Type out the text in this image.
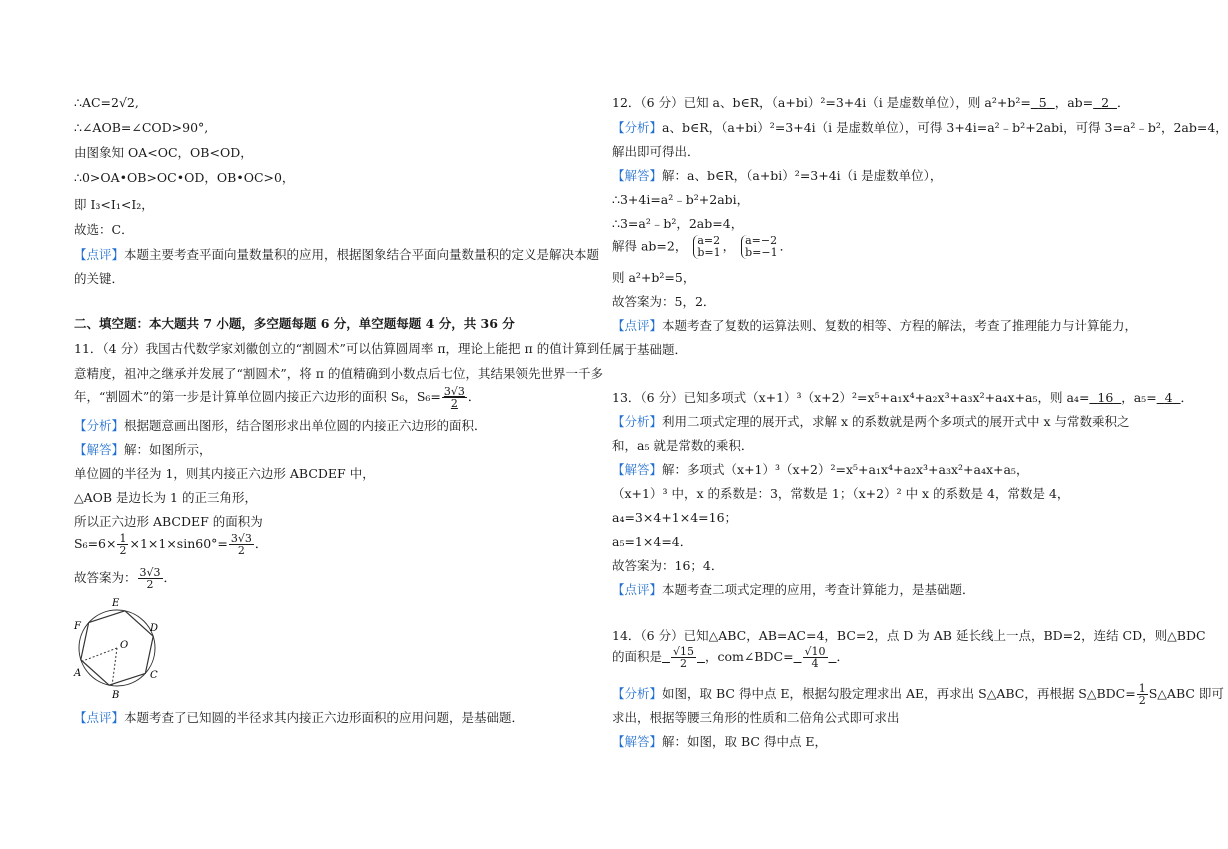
∴AC=2√2,
∴∠AOB=∠COD>90°,
由图象知 OA<OC，OB<OD，
∴0>OA•OB>OC•OD，OB•OC>0，
即 I₃<I₁<I₂，
故选：C．
【点评】本题主要考查平面向量数量积的应用，根据图象结合平面向量数量积的定义是解决本题
的关键．
二、填空题：本大题共 7 小题，多空题每题 6 分，单空题每题 4 分，共 36 分
11．（4 分）我国古代数学家刘徽创立的“割圆术”可以估算圆周率 π，理论上能把 π 的值计算到任
意精度，祖冲之继承并发展了“割圆术”，将 π 的值精确到小数点后七位，其结果领先世界一千多
年，“割圆术”的第一步是计算单位圆内接正六边形的面积 S₆，$S_6= \frac{3√3}{2}$ ．
【分析】根据题意画出图形，结合图形求出单位圆的内接正六边形的面积．
【解答】解：如图所示，
单位圆的半径为 1，则其内接正六边形 ABCDEF 中，
△AOB 是边长为 1 的正三角形，
所以正六边形 ABCDEF 的面积为
$S_6=6\times \frac{1}{2} \times 1\times 1\times\sin 60^\circ= \frac{3√3}{2}$ ．
故答案为： $\frac{3√3}{2}$ ．
E
D
C
B
A
F
O
【点评】本题考查了已知圆的半径求其内接正六边形面积的应用问题，是基础题．
12．（6 分）已知 a、b∈R，（a+bi）²=3+4i（i 是虚数单位），则 a²+b²= 5 ，ab= 2 ．
【分析】a、b∈R，（a+bi）²=3+4i（i 是虚数单位），可得 3+4i=a²﹣b²+2abi，可得 3=a²﹣b²，2ab=4，
解出即可得出．
【解答】解：a、b∈R，（a+bi）²=3+4i（i 是虚数单位），
∴3+4i=a²﹣b²+2abi，
∴3=a²﹣b²，2ab=4，
解得 ab=2， a=2
b=1 ， a=−2
b=−1 ．
则 a²+b²=5，
故答案为：5，2．
【点评】本题考查了复数的运算法则、复数的相等、方程的解法，考查了推理能力与计算能力，
属于基础题．
13．（6 分）已知多项式（x+1）³（x+2）²=x⁵+a₁x⁴+a₂x³+a₃x²+a₄x+a₅，则 a₄= 16 ，a₅= 4 ．
【分析】利用二项式定理的展开式，求解 x 的系数就是两个多项式的展开式中 x 与常数乘积之
和，a₅ 就是常数的乘积．
【解答】解：多项式（x+1）³（x+2）²=x⁵+a₁x⁴+a₂x³+a₃x²+a₄x+a₅，
（x+1）³ 中，x 的系数是：3，常数是 1；（x+2）² 中 x 的系数是 4，常数是 4，
a₄=3×4+1×4=16；
a₅=1×4=4．
故答案为：16；4．
【点评】本题考查二项式定理的应用，考查计算能力，是基础题．
14．（6 分）已知△ABC，AB=AC=4，BC=2，点 D 为 AB 延长线上一点，BD=2，连结 CD，则△BDC
的面积是 $\frac{√15}{2}$ ，com∠BDC= $\frac{√10}{4}$ ．
【分析】如图，取 BC 得中点 E，根据勾股定理求出 AE，再求出 S△ABC，再根据 S△BDC= $\frac{1}{2}$ S△ABC 即可
求出，根据等腰三角形的性质和二倍角公式即可求出
【解答】解：如图，取 BC 得中点 E，
